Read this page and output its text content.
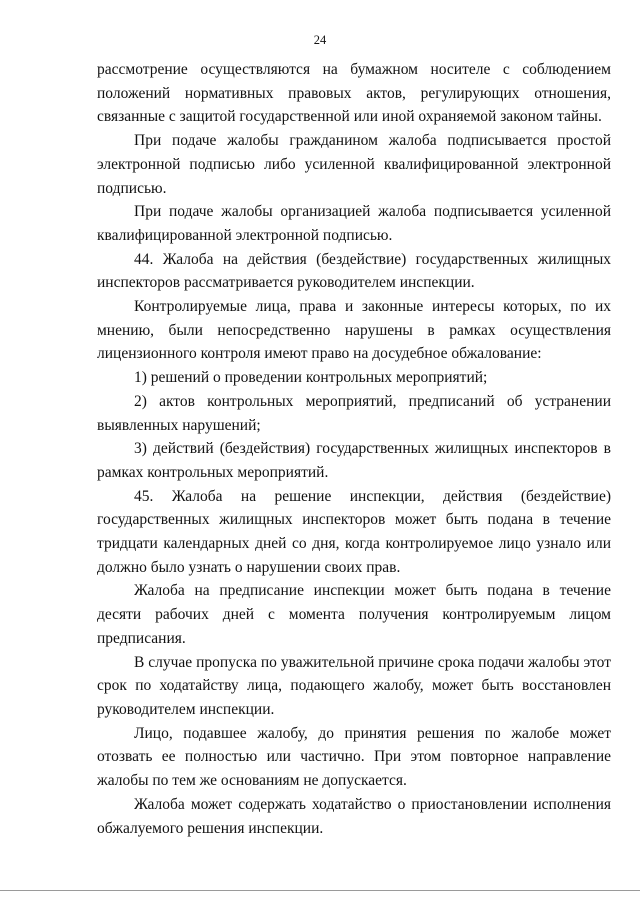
24

рассмотрение осуществляются на бумажном носителе с соблюдением положений нормативных правовых актов, регулирующих отношения, связанные с защитой государственной или иной охраняемой законом тайны.

При подаче жалобы гражданином жалоба подписывается простой электронной подписью либо усиленной квалифицированной электронной подписью.

При подаче жалобы организацией жалоба подписывается усиленной квалифицированной электронной подписью.

44. Жалоба на действия (бездействие) государственных жилищных инспекторов рассматривается руководителем инспекции.

Контролируемые лица, права и законные интересы которых, по их мнению, были непосредственно нарушены в рамках осуществления лицензионного контроля имеют право на досудебное обжалование:

1) решений о проведении контрольных мероприятий;

2) актов контрольных мероприятий, предписаний об устранении выявленных нарушений;

3) действий (бездействия) государственных жилищных инспекторов в рамках контрольных мероприятий.

45. Жалоба на решение инспекции, действия (бездействие) государственных жилищных инспекторов может быть подана в течение тридцати календарных дней со дня, когда контролируемое лицо узнало или должно было узнать о нарушении своих прав.

Жалоба на предписание инспекции может быть подана в течение десяти рабочих дней с момента получения контролируемым лицом предписания.

В случае пропуска по уважительной причине срока подачи жалобы этот срок по ходатайству лица, подающего жалобу, может быть восстановлен руководителем инспекции.

Лицо, подавшее жалобу, до принятия решения по жалобе может отозвать ее полностью или частично. При этом повторное направление жалобы по тем же основаниям не допускается.

Жалоба может содержать ходатайство о приостановлении исполнения обжалуемого решения инспекции.
